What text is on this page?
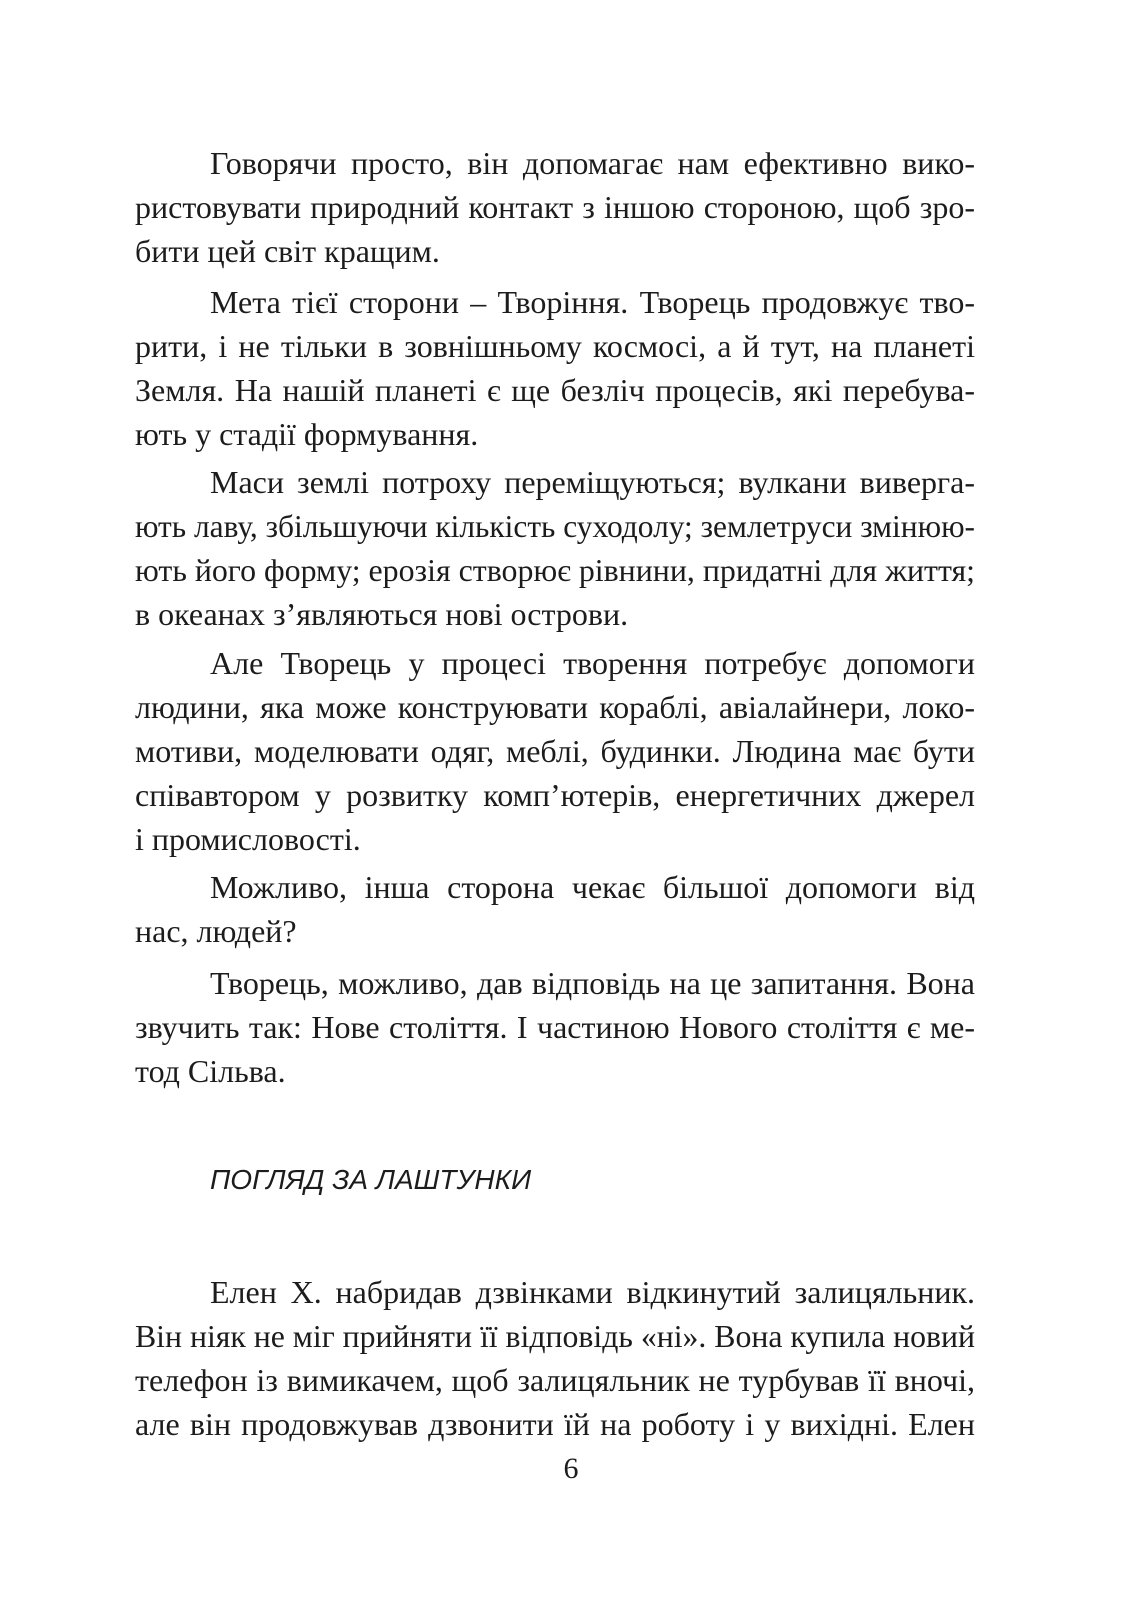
Говорячи просто, він допомагає нам ефективно вико-
ристовувати природний контакт з іншою стороною, щоб зро-
бити цей світ кращим.
Мета тієї сторони – Творіння. Творець продовжує тво-
рити, і не тільки в зовнішньому космосі, а й тут, на планеті
Земля. На нашій планеті є ще безліч процесів, які перебува-
ють у стадії формування.
Маси землі потроху переміщуються; вулкани виверга-
ють лаву, збільшуючи кількість суходолу; землетруси змінюю-
ють його форму; ерозія створює рівнини, придатні для життя;
в океанах з’являються нові острови.
Але Творець у процесі творення потребує допомоги
людини, яка може конструювати кораблі, авіалайнери, локо-
мотиви, моделювати одяг, меблі, будинки. Людина має бути
співавтором у розвитку комп’ютерів, енергетичних джерел
і промисловості.
Можливо, інша сторона чекає більшої допомоги від
нас, людей?
Творець, можливо, дав відповідь на це запитання. Вона
звучить так: Нове століття. І частиною Нового століття є ме-
тод Сільва.
ПОГЛЯД ЗА ЛАШТУНКИ
Елен Х. набридав дзвінками відкинутий залицяльник.
Він ніяк не міг прийняти її відповідь «ні». Вона купила новий
телефон із вимикачем, щоб залицяльник не турбував її вночі,
але він продовжував дзвонити їй на роботу і у вихідні. Елен
6
